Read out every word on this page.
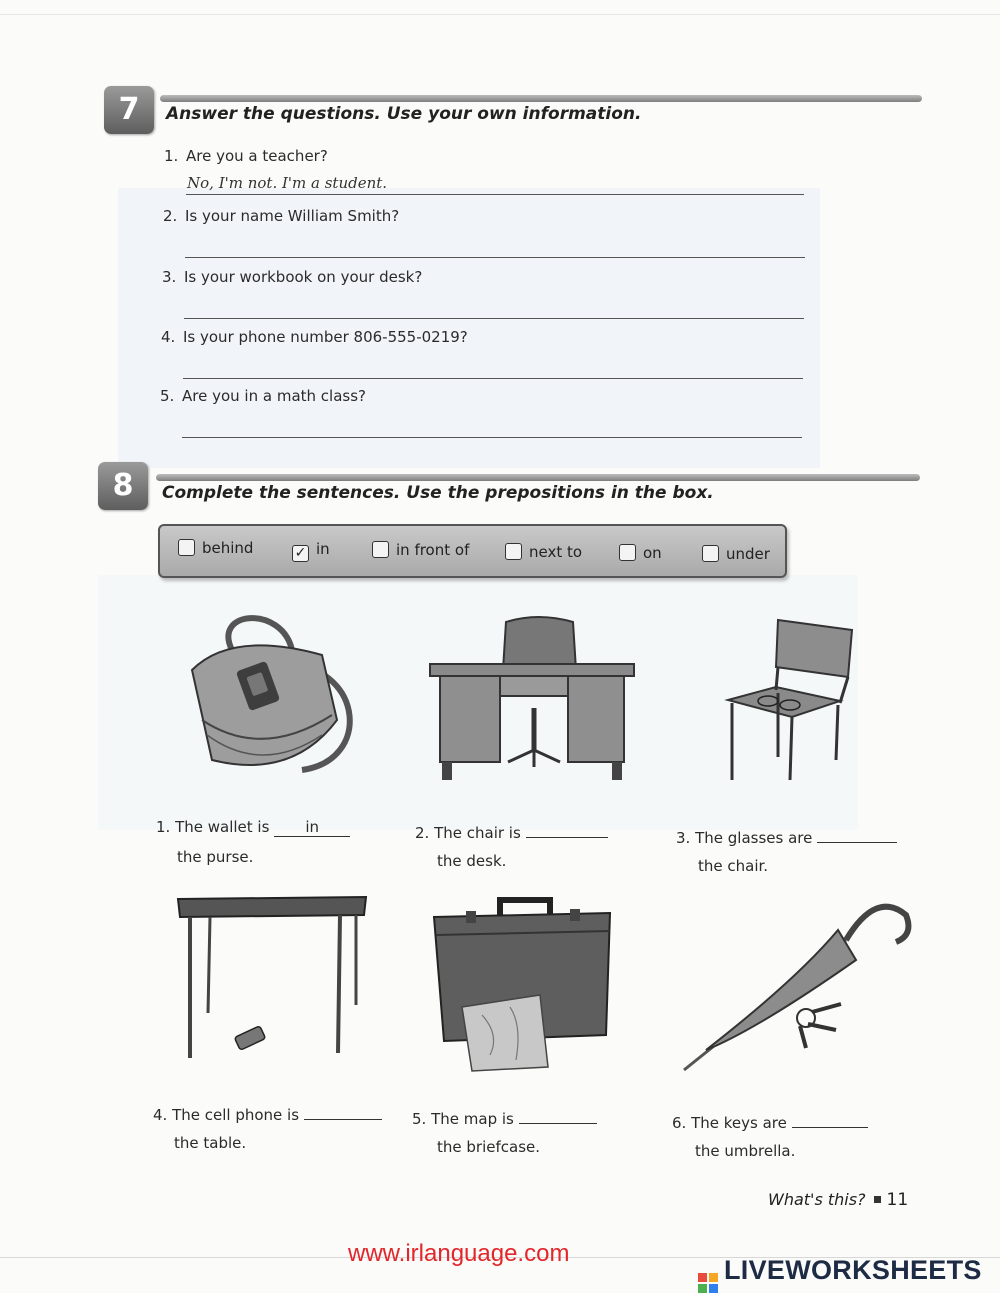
7	Answer the questions. Use your own information.
1. Are you a teacher?
No, I'm not. I'm a student.
2. Is your name William Smith?
3. Is your workbook on your desk?
4. Is your phone number 806-555-0219?
5. Are you in a math class?
8	Complete the sentences. Use the prepositions in the box.
behind	✓ in	in front of	next to	on	under
1. The wallet is in
the purse.
2. The chair is
the desk.
3. The glasses are
the chair.
4. The cell phone is
the table.
5. The map is
the briefcase.
6. The keys are
the umbrella.
What's this? 11
www.irlanguage.com
LIVEWORKSHEETS
